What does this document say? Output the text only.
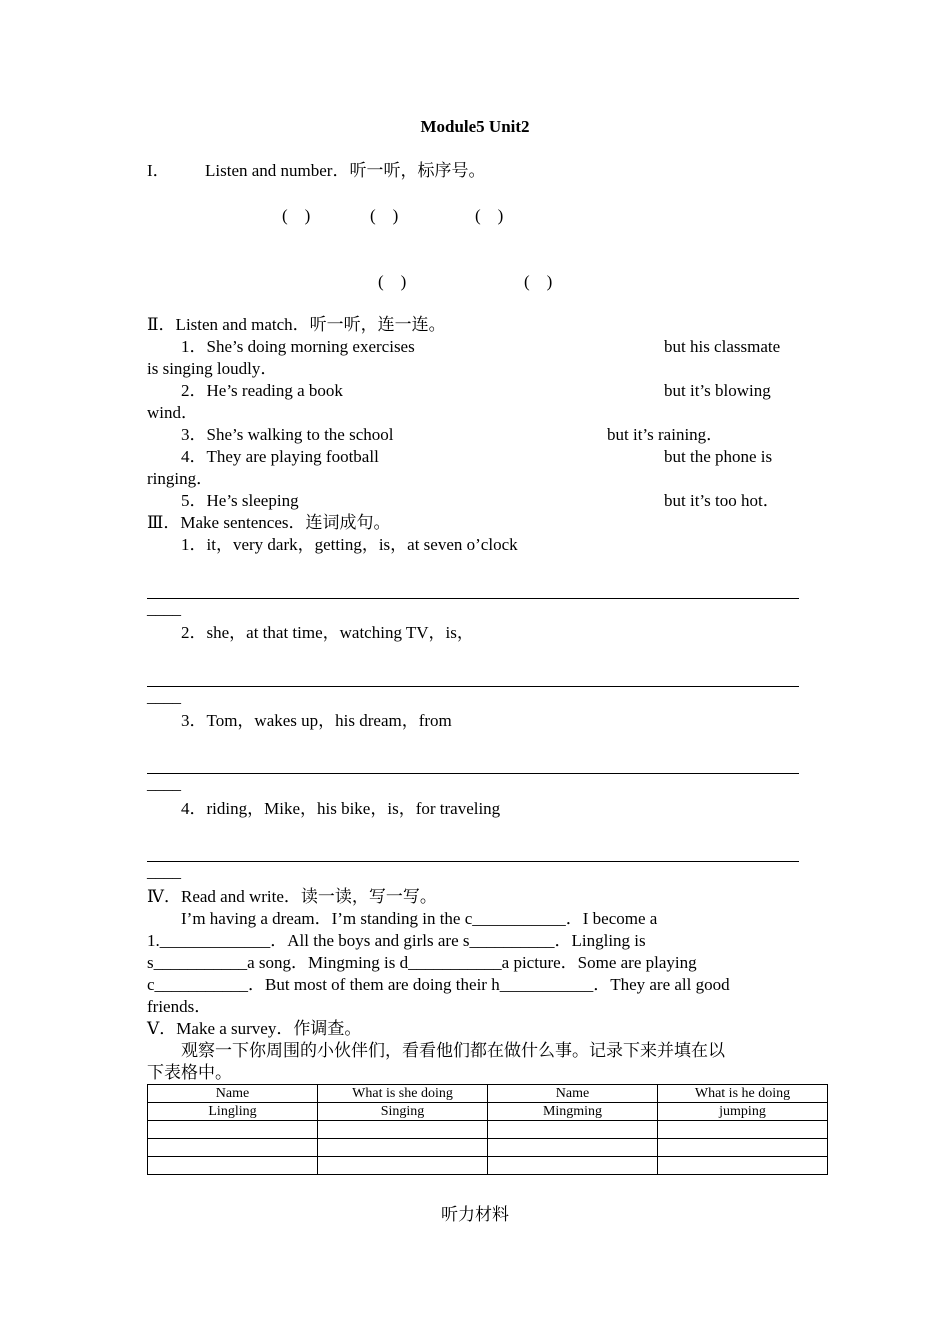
Module5 Unit2
I． Listen and number．听一听，标序号。
(    )	(    )	(    )
(    )	(    )
Ⅱ．Listen and match．听一听，连一连。
1．She’s doing morning exercises	but his classmate
is singing loudly．
2．He’s reading a book	but it’s blowing
wind．
3．She’s walking to the school	but it’s raining．
4．They are playing football	but the phone is
ringing．
5．He’s sleeping	but it’s too hot．
Ⅲ．Make sentences．连词成句。
1．it，very dark，getting，is，at seven o’clock
____
2．she，at that time，watching TV，is，
____
3．Tom，wakes up，his dream，from
____
4．riding，Mike，his bike，is，for traveling
____
Ⅳ．Read and write．读一读，写一写。
I’m having a dream．I’m standing in the c___________．I become a
1._____________．All the boys and girls are s__________．Lingling is
s___________a song．Mingming is d___________a picture．Some are playing
c___________．But most of them are doing their h___________．They are all good
friends．
Ⅴ．Make a survey．作调查。
观察一下你周围的小伙伴们，看看他们都在做什么事。记录下来并填在以
下表格中。
Name	What is she doing	Name	What is he doing
Lingling	Singing	Mingming	jumping

听力材料
